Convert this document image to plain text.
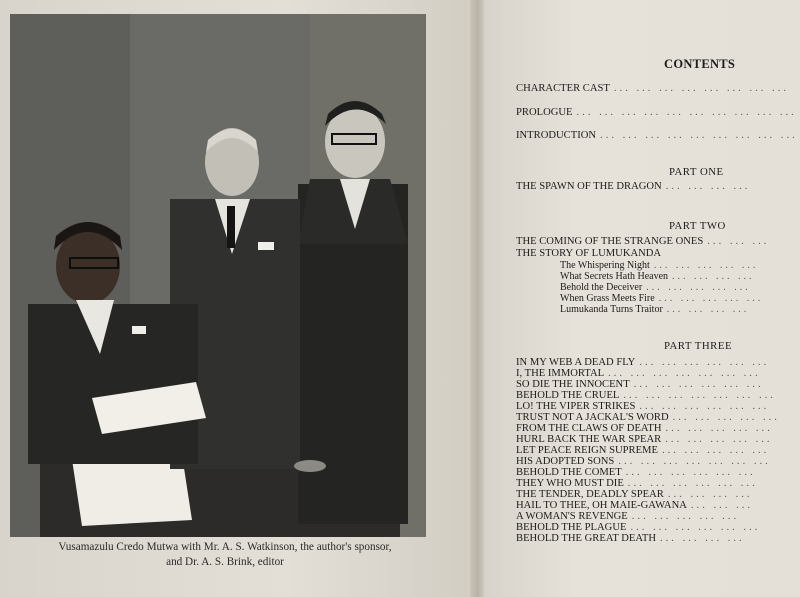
Vusamazulu Credo Mutwa with Mr. A. S. Watkinson, the author's sponsor,
and Dr. A. S. Brink, editor
CONTENTS
CHARACTER CAST ... ... ... ... ... ... ... ...
PROLOGUE ... ... ... ... ... ... ... ... ... ...
INTRODUCTION ... ... ... ... ... ... ... ... ...
PART ONE
THE SPAWN OF THE DRAGON ... ... ... ...
PART TWO
THE COMING OF THE STRANGE ONES ... ... ...
THE STORY OF LUMUKANDA
The Whispering Night ... ... ... ... ...
What Secrets Hath Heaven ... ... ... ...
Behold the Deceiver ... ... ... ... ...
When Grass Meets Fire ... ... ... ... ...
Lumukanda Turns Traitor ... ... ... ...
PART THREE
IN MY WEB A DEAD FLY ... ... ... ... ... ...
I, THE IMMORTAL ... ... ... ... ... ... ...
SO DIE THE INNOCENT ... ... ... ... ... ...
BEHOLD THE CRUEL ... ... ... ... ... ... ...
LO! THE VIPER STRIKES ... ... ... ... ... ...
TRUST NOT A JACKAL'S WORD ... ... ... ... ...
FROM THE CLAWS OF DEATH ... ... ... ... ...
HURL BACK THE WAR SPEAR ... ... ... ... ...
LET PEACE REIGN SUPREME ... ... ... ... ...
HIS ADOPTED SONS ... ... ... ... ... ... ...
BEHOLD THE COMET ... ... ... ... ... ...
THEY WHO MUST DIE ... ... ... ... ... ...
THE TENDER, DEADLY SPEAR ... ... ... ...
HAIL TO THEE, OH MAIE-GAWANA ... ... ...
A WOMAN'S REVENGE ... ... ... ... ...
BEHOLD THE PLAGUE ... ... ... ... ... ...
BEHOLD THE GREAT DEATH ... ... ... ...
